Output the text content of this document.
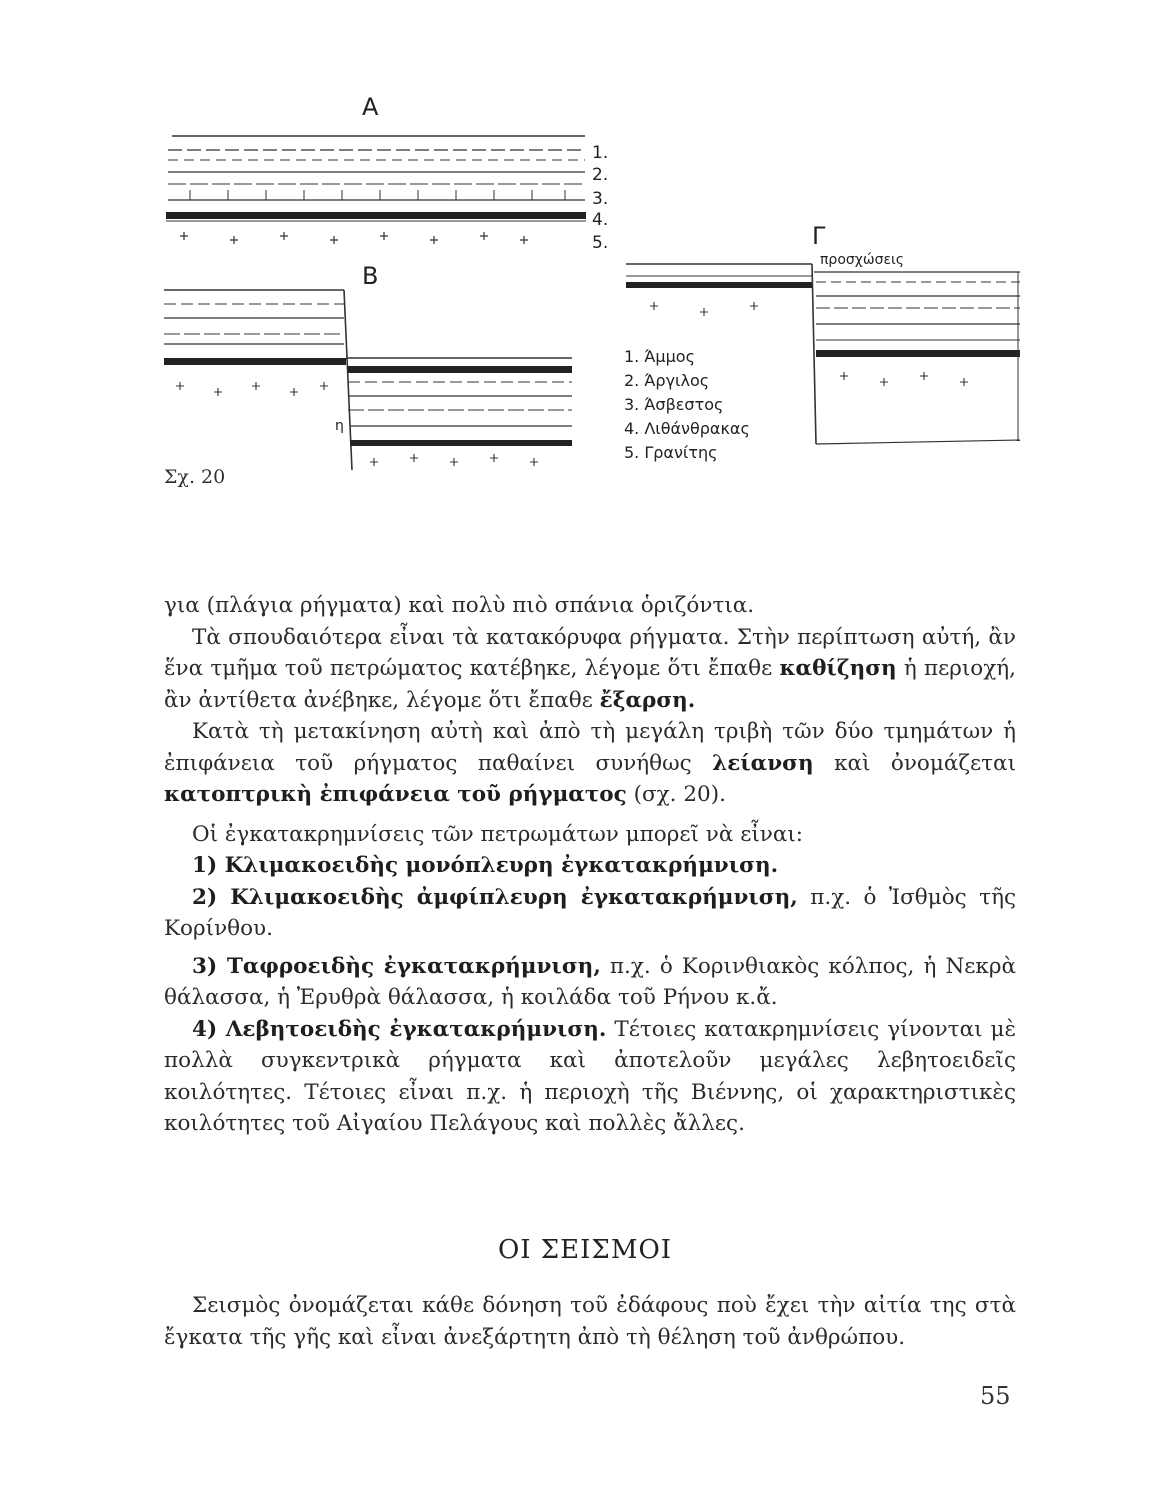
Α
1.
2.
3.
4.
5.
Β
η
1. Άμμος
2. Άργιλος
3. Άσβεστος
4. Λιθάνθρακας
5. Γρανίτης
Γ
προσχώσεις
Σχ. 20

για (πλάγια ρήγματα) καὶ πολὺ πιὸ σπάνια ὁριζόντια.

Τὰ σπουδαιότερα εἶναι τὰ κατακόρυφα ρήγματα. Στὴν περίπτωση αὐτή, ἂν ἕνα τμῆμα τοῦ πετρώματος κατέβηκε, λέγομε ὅτι ἔπαθε καθίζηση ἡ περιοχή, ἂν ἀντίθετα ἀνέβηκε, λέγομε ὅτι ἔπαθε ἔξαρση.

Κατὰ τὴ μετακίνηση αὐτὴ καὶ ἀπὸ τὴ μεγάλη τριβὴ τῶν δύο τμημάτων ἡ ἐπιφάνεια τοῦ ρήγματος παθαίνει συνήθως λείανση καὶ ὀνομάζεται κατοπτρικὴ ἐπιφάνεια τοῦ ρήγματος (σχ. 20).

Οἱ ἐγκατακρημνίσεις τῶν πετρωμάτων μπορεῖ νὰ εἶναι:

1) Κλιμακοειδὴς μονόπλευρη ἐγκατακρήμνιση.

2) Κλιμακοειδὴς ἀμφίπλευρη ἐγκατακρήμνιση, π.χ. ὁ Ἰσθμὸς τῆς Κορίνθου.

3) Ταφροειδὴς ἐγκατακρήμνιση, π.χ. ὁ Κορινθιακὸς κόλπος, ἡ Νεκρὰ θάλασσα, ἡ Ἐρυθρὰ θάλασσα, ἡ κοιλάδα τοῦ Ρήνου κ.ἄ.

4) Λεβητοειδὴς ἐγκατακρήμνιση. Τέτοιες κατακρημνίσεις γίνονται μὲ πολλὰ συγκεντρικὰ ρήγματα καὶ ἀποτελοῦν μεγάλες λεβητοειδεῖς κοιλότητες. Τέτοιες εἶναι π.χ. ἡ περιοχὴ τῆς Βιέννης, οἱ χαρακτηριστικὲς κοιλότητες τοῦ Αἰγαίου Πελάγους καὶ πολλὲς ἄλλες.

ΟΙ ΣΕΙΣΜΟΙ

Σεισμὸς ὀνομάζεται κάθε δόνηση τοῦ ἐδάφους ποὺ ἔχει τὴν αἰτία της στὰ ἔγκατα τῆς γῆς καὶ εἶναι ἀνεξάρτητη ἀπὸ τὴ θέληση τοῦ ἀνθρώπου.

55
